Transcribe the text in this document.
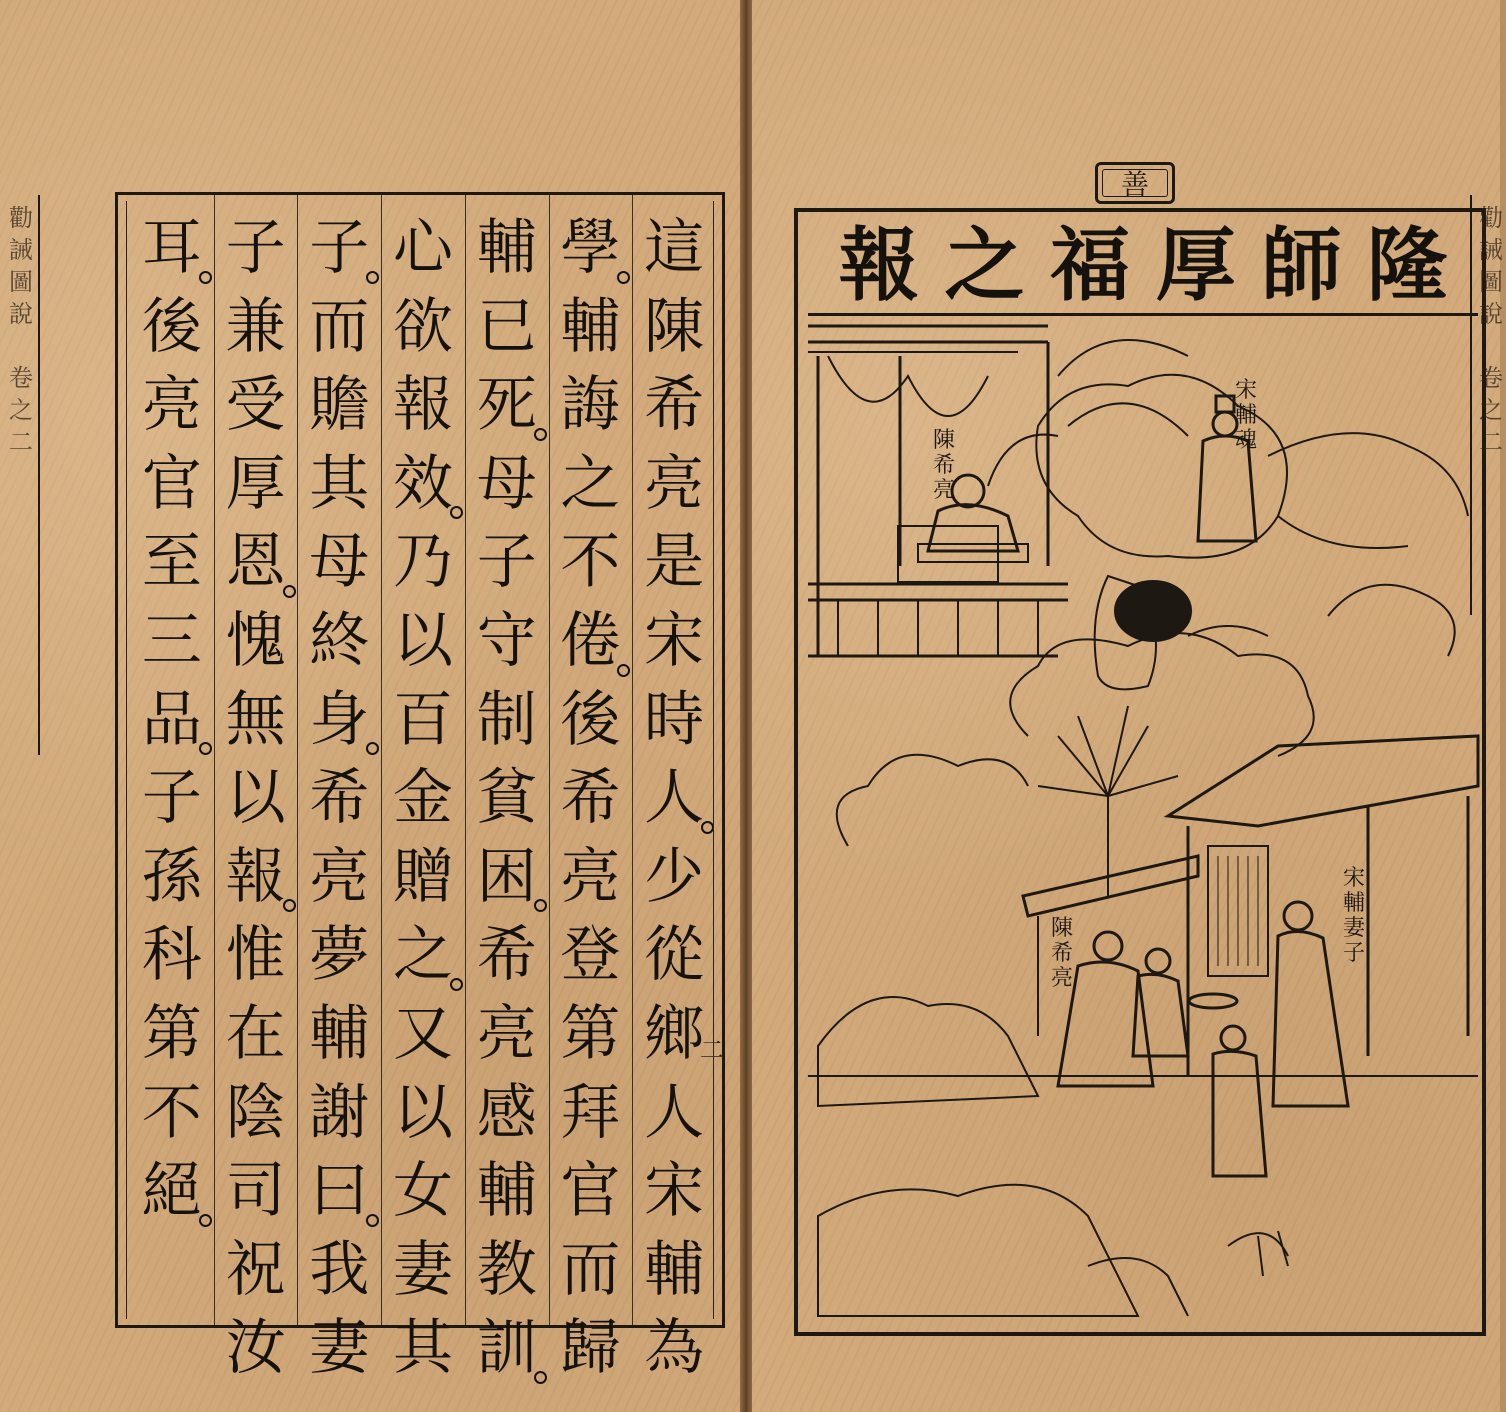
勸
誡
圖
說
卷
之
二
這
陳
希
亮
是
宋
時
人
少
從
鄉
人
宋
輔
為
學
輔
誨
之
不
倦
後
希
亮
登
第
拜
官
而
歸
輔
已
死
母
子
守
制
貧
困
希
亮
感
輔
教
訓
心
欲
報
效
乃
以
百
金
贈
之
又
以
女
妻
其
子
而
贍
其
母
終
身
希
亮
夢
輔
謝
曰
我
妻
子
兼
受
厚
恩
愧
無
以
報
惟
在
陰
司
祝
汝
耳
後
亮
官
至
三
品
子
孫
科
第
不
絕
二
善
隆
師
厚
福
之
報	勸
誡
圖
說
卷
之
二
宋
輔
魂
陳
希
亮
宋
輔
妻
子
陳
希
亮
